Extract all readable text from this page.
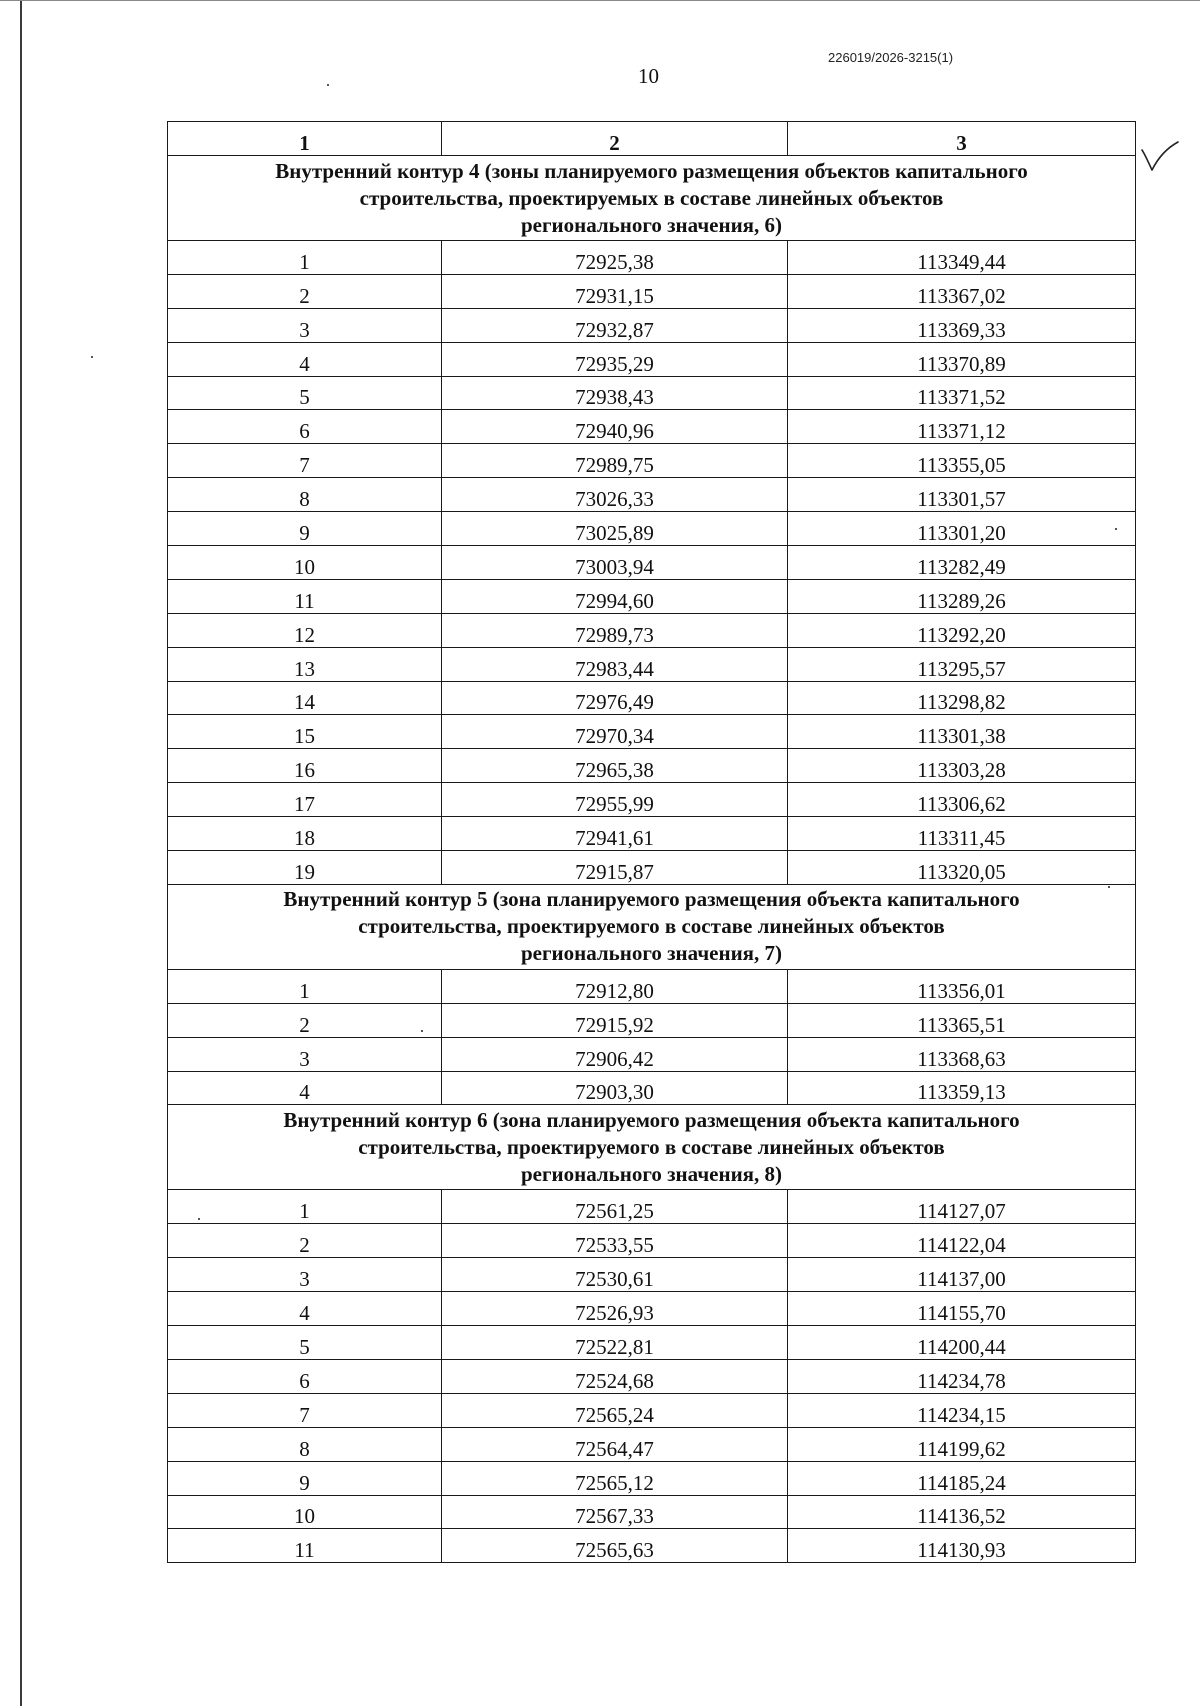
226019/2026-3215(1)
10
1	2	3

Внутренний контур 4 (зоны планируемого размещения объектов капитального
строительства, проектируемых в составе линейных объектов
регионального значения, 6)		

1	72925,38	113349,44
2	72931,15	113367,02
3	72932,87	113369,33
4	72935,29	113370,89
5	72938,43	113371,52
6	72940,96	113371,12
7	72989,75	113355,05
8	73026,33	113301,57
9	73025,89	113301,20
10	73003,94	113282,49
11	72994,60	113289,26
12	72989,73	113292,20
13	72983,44	113295,57
14	72976,49	113298,82
15	72970,34	113301,38
16	72965,38	113303,28
17	72955,99	113306,62
18	72941,61	113311,45
19	72915,87	113320,05

Внутренний контур 5 (зона планируемого размещения объекта капитального
строительства, проектируемого в составе линейных объектов
регионального значения, 7)		

1	72912,80	113356,01
2	72915,92	113365,51
3	72906,42	113368,63
4	72903,30	113359,13

Внутренний контур 6 (зона планируемого размещения объекта капитального
строительства, проектируемого в составе линейных объектов
регионального значения, 8)		

1	72561,25	114127,07
2	72533,55	114122,04
3	72530,61	114137,00
4	72526,93	114155,70
5	72522,81	114200,44
6	72524,68	114234,78
7	72565,24	114234,15
8	72564,47	114199,62
9	72565,12	114185,24
10	72567,33	114136,52
11	72565,63	114130,93
